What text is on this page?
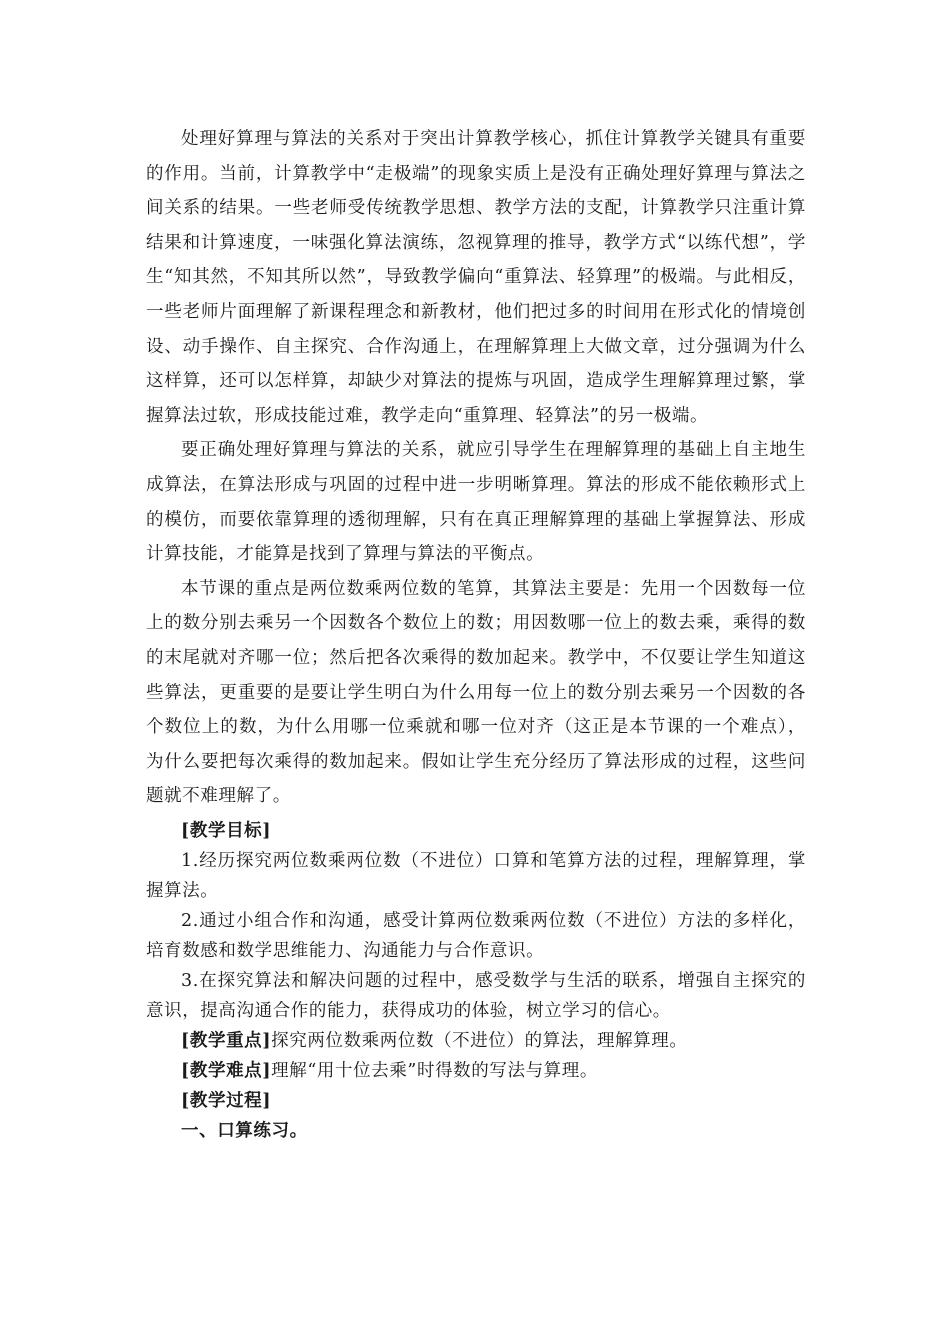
处理好算理与算法的关系对于突出计算教学核心，抓住计算教学关键具有重要的作用。当前，计算教学中“走极端”的现象实质上是没有正确处理好算理与算法之间关系的结果。一些老师受传统教学思想、教学方法的支配，计算教学只注重计算结果和计算速度，一味强化算法演练，忽视算理的推导，教学方式“以练代想”，学生“知其然，不知其所以然”，导致教学偏向“重算法、轻算理”的极端。与此相反，一些老师片面理解了新课程理念和新教材，他们把过多的时间用在形式化的情境创设、动手操作、自主探究、合作沟通上，在理解算理上大做文章，过分强调为什么这样算，还可以怎样算，却缺少对算法的提炼与巩固，造成学生理解算理过繁，掌握算法过软，形成技能过难，教学走向“重算理、轻算法”的另一极端。

要正确处理好算理与算法的关系，就应引导学生在理解算理的基础上自主地生成算法，在算法形成与巩固的过程中进一步明晰算理。算法的形成不能依赖形式上的模仿，而要依靠算理的透彻理解，只有在真正理解算理的基础上掌握算法、形成计算技能，才能算是找到了算理与算法的平衡点。

本节课的重点是两位数乘两位数的笔算，其算法主要是：先用一个因数每一位上的数分别去乘另一个因数各个数位上的数；用因数哪一位上的数去乘，乘得的数的末尾就对齐哪一位；然后把各次乘得的数加起来。教学中，不仅要让学生知道这些算法，更重要的是要让学生明白为什么用每一位上的数分别去乘另一个因数的各个数位上的数，为什么用哪一位乘就和哪一位对齐（这正是本节课的一个难点），为什么要把每次乘得的数加起来。假如让学生充分经历了算法形成的过程，这些问题就不难理解了。

[教学目标]

1.经历探究两位数乘两位数（不进位）口算和笔算方法的过程，理解算理，掌握算法。

2.通过小组合作和沟通，感受计算两位数乘两位数（不进位）方法的多样化，培育数感和数学思维能力、沟通能力与合作意识。

3.在探究算法和解决问题的过程中，感受数学与生活的联系，增强自主探究的意识，提高沟通合作的能力，获得成功的体验，树立学习的信心。

[教学重点]探究两位数乘两位数（不进位）的算法，理解算理。

[教学难点]理解“用十位去乘”时得数的写法与算理。

[教学过程]

一、口算练习。
